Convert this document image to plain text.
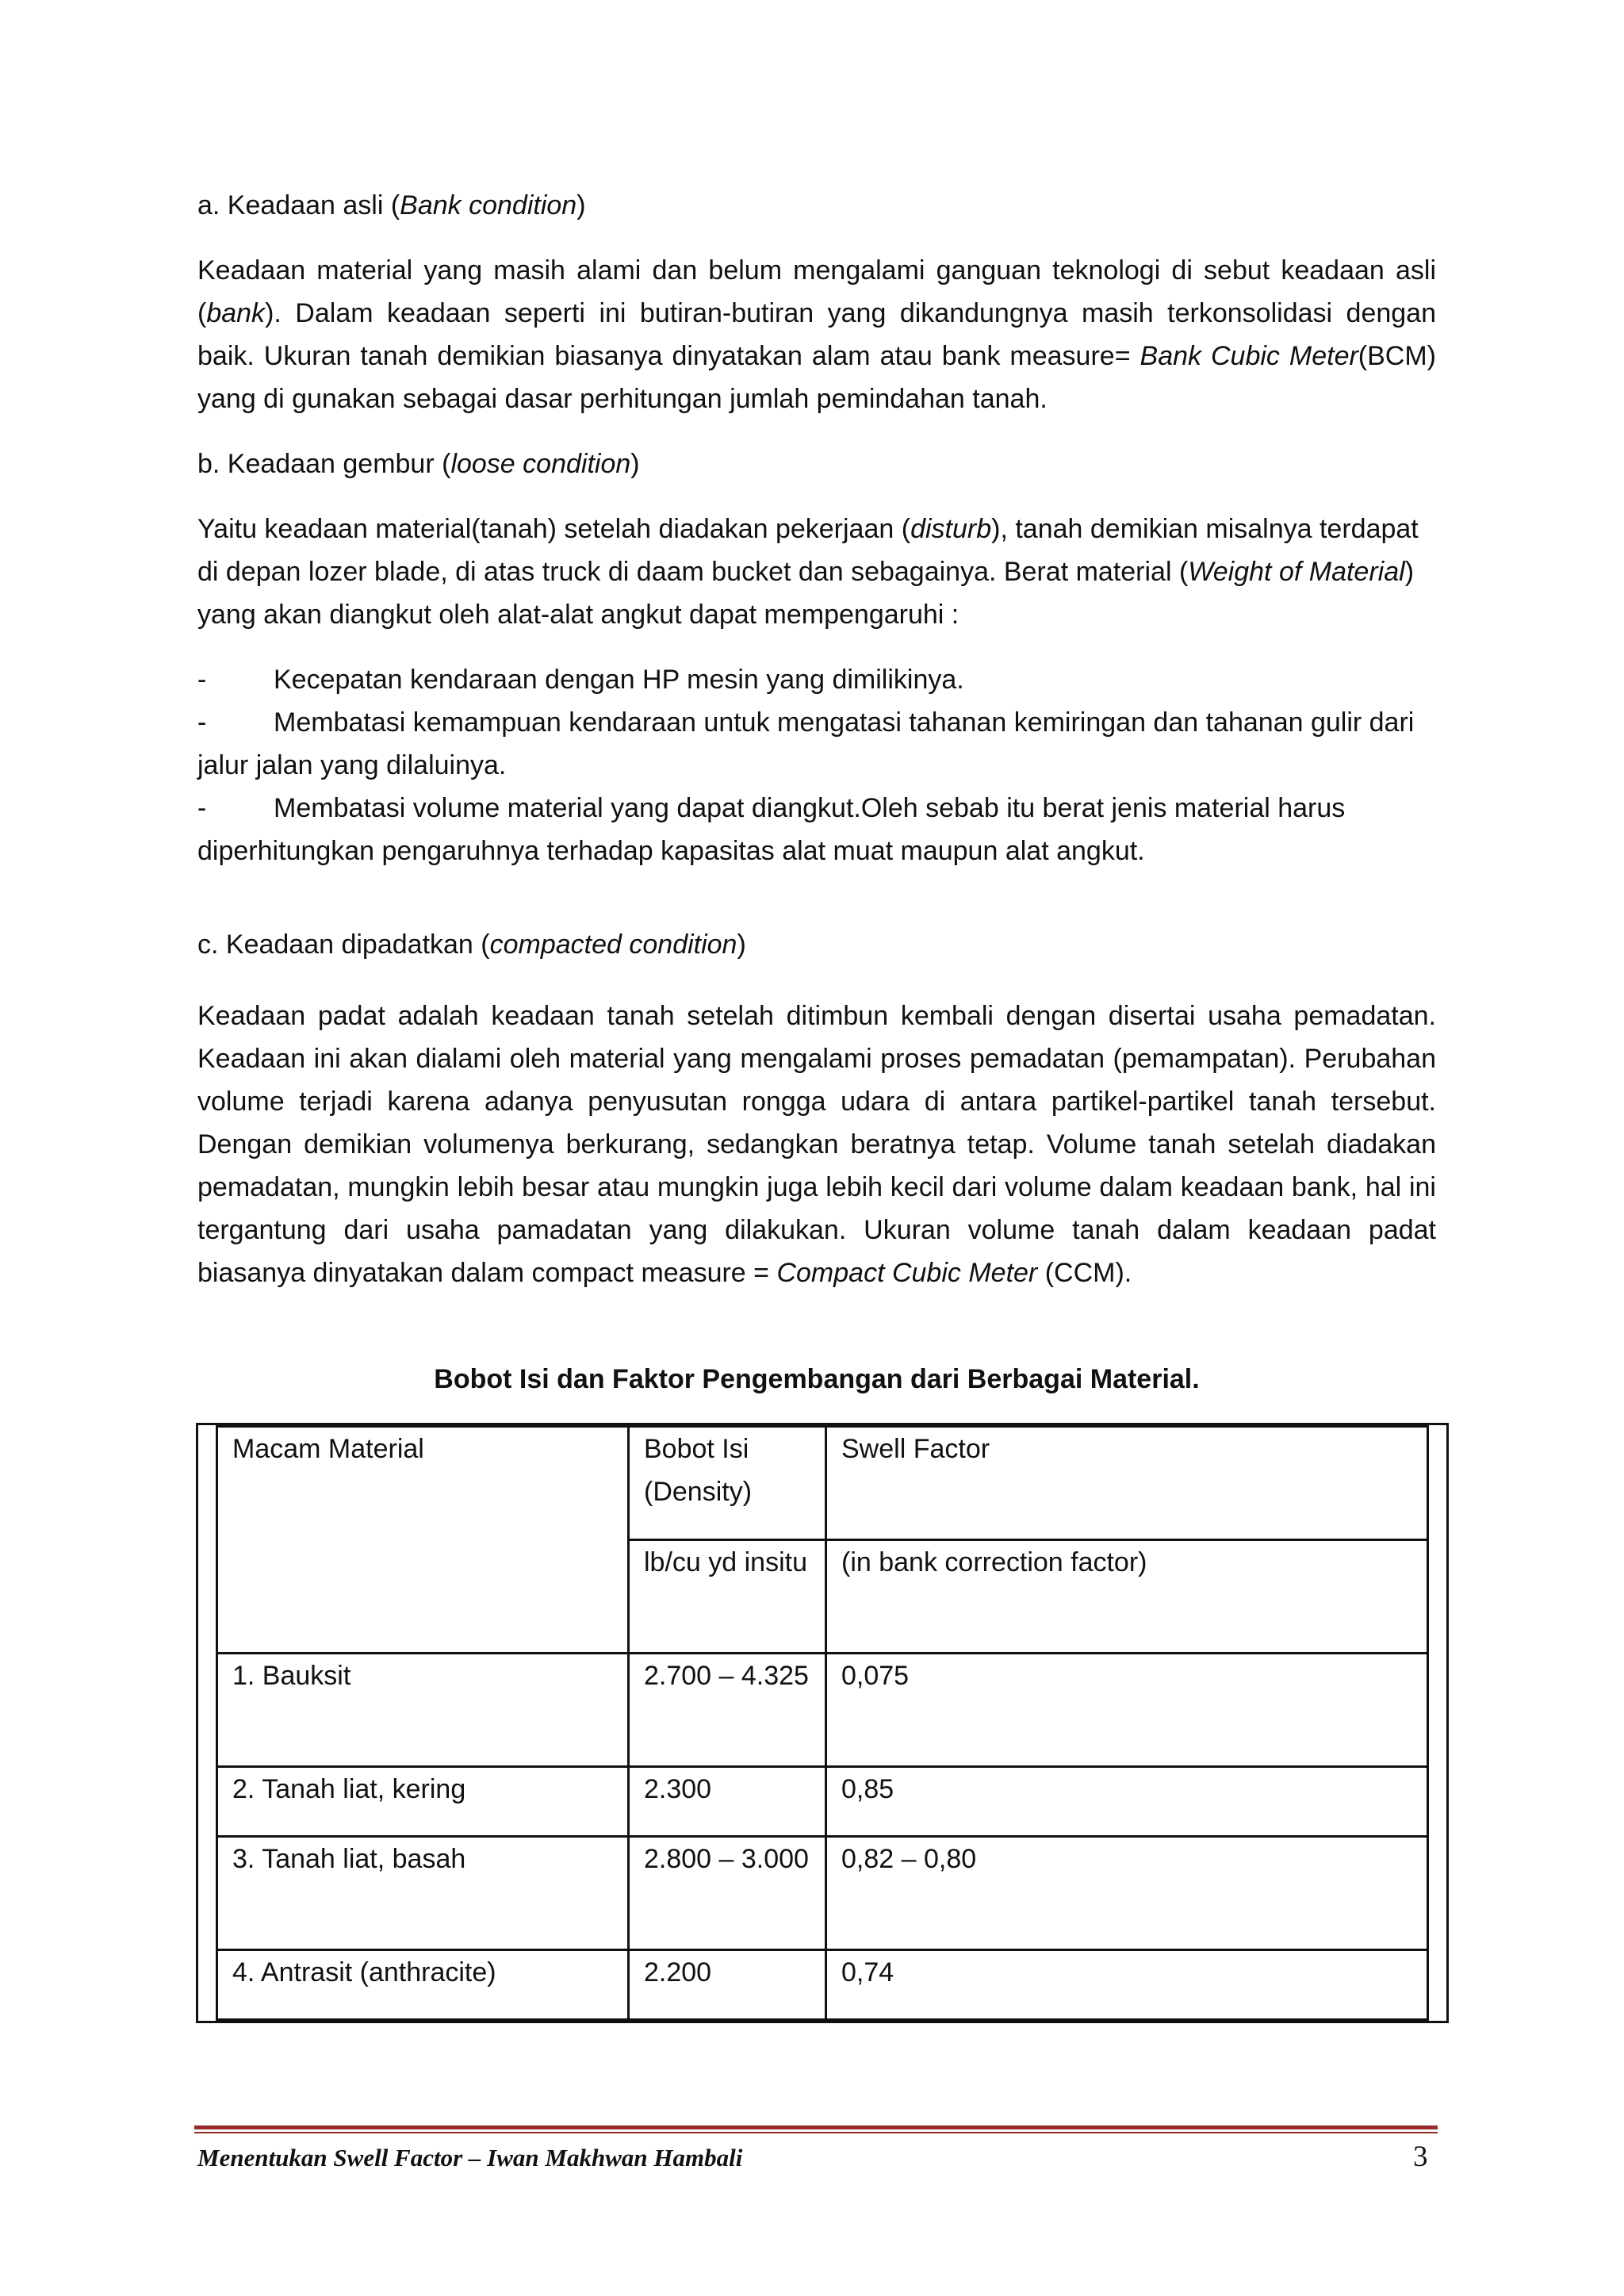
a. Keadaan asli (Bank condition)

Keadaan material yang masih alami dan belum mengalami ganguan teknologi di sebut keadaan asli (bank). Dalam keadaan seperti ini butiran-butiran yang dikandungnya masih terkonsolidasi dengan baik. Ukuran tanah demikian biasanya dinyatakan alam atau bank measure= Bank Cubic Meter(BCM) yang di gunakan sebagai dasar perhitungan jumlah pemindahan tanah.

b. Keadaan gembur (loose condition)

Yaitu keadaan material(tanah) setelah diadakan pekerjaan (disturb), tanah demikian misalnya terdapat di depan lozer blade, di atas truck di daam bucket dan sebagainya. Berat material (Weight of Material) yang akan diangkut oleh alat-alat angkut dapat mempengaruhi :

- Kecepatan kendaraan dengan HP mesin yang dimilikinya.
- Membatasi kemampuan kendaraan untuk mengatasi tahanan kemiringan dan tahanan gulir dari jalur jalan yang dilaluinya.
- Membatasi volume material yang dapat diangkut.Oleh sebab itu berat jenis material harus diperhitungkan pengaruhnya terhadap kapasitas alat muat maupun alat angkut.

c. Keadaan dipadatkan (compacted condition)

Keadaan padat adalah keadaan tanah setelah ditimbun kembali dengan disertai usaha pemadatan. Keadaan ini akan dialami oleh material yang mengalami proses pemadatan (pemampatan). Perubahan volume terjadi karena adanya penyusutan rongga udara di antara partikel-partikel tanah tersebut. Dengan demikian volumenya berkurang, sedangkan beratnya tetap. Volume tanah setelah diadakan pemadatan, mungkin lebih besar atau mungkin juga lebih kecil dari volume dalam keadaan bank, hal ini tergantung dari usaha pamadatan yang dilakukan. Ukuran volume tanah dalam keadaan padat biasanya dinyatakan dalam compact measure = Compact Cubic Meter (CCM).

Bobot Isi dan Faktor Pengembangan dari Berbagai Material.

Macam Material	Bobot Isi (Density)	Swell Factor
	lb/cu yd insitu	(in bank correction factor)
1. Bauksit	2.700 – 4.325	0,075
2. Tanah liat, kering	2.300	0,85
3. Tanah liat, basah	2.800 – 3.000	0,82 – 0,80
4. Antrasit (anthracite)	2.200	0,74
Menentukan Swell Factor – Iwan Makhwan Hambali	3
